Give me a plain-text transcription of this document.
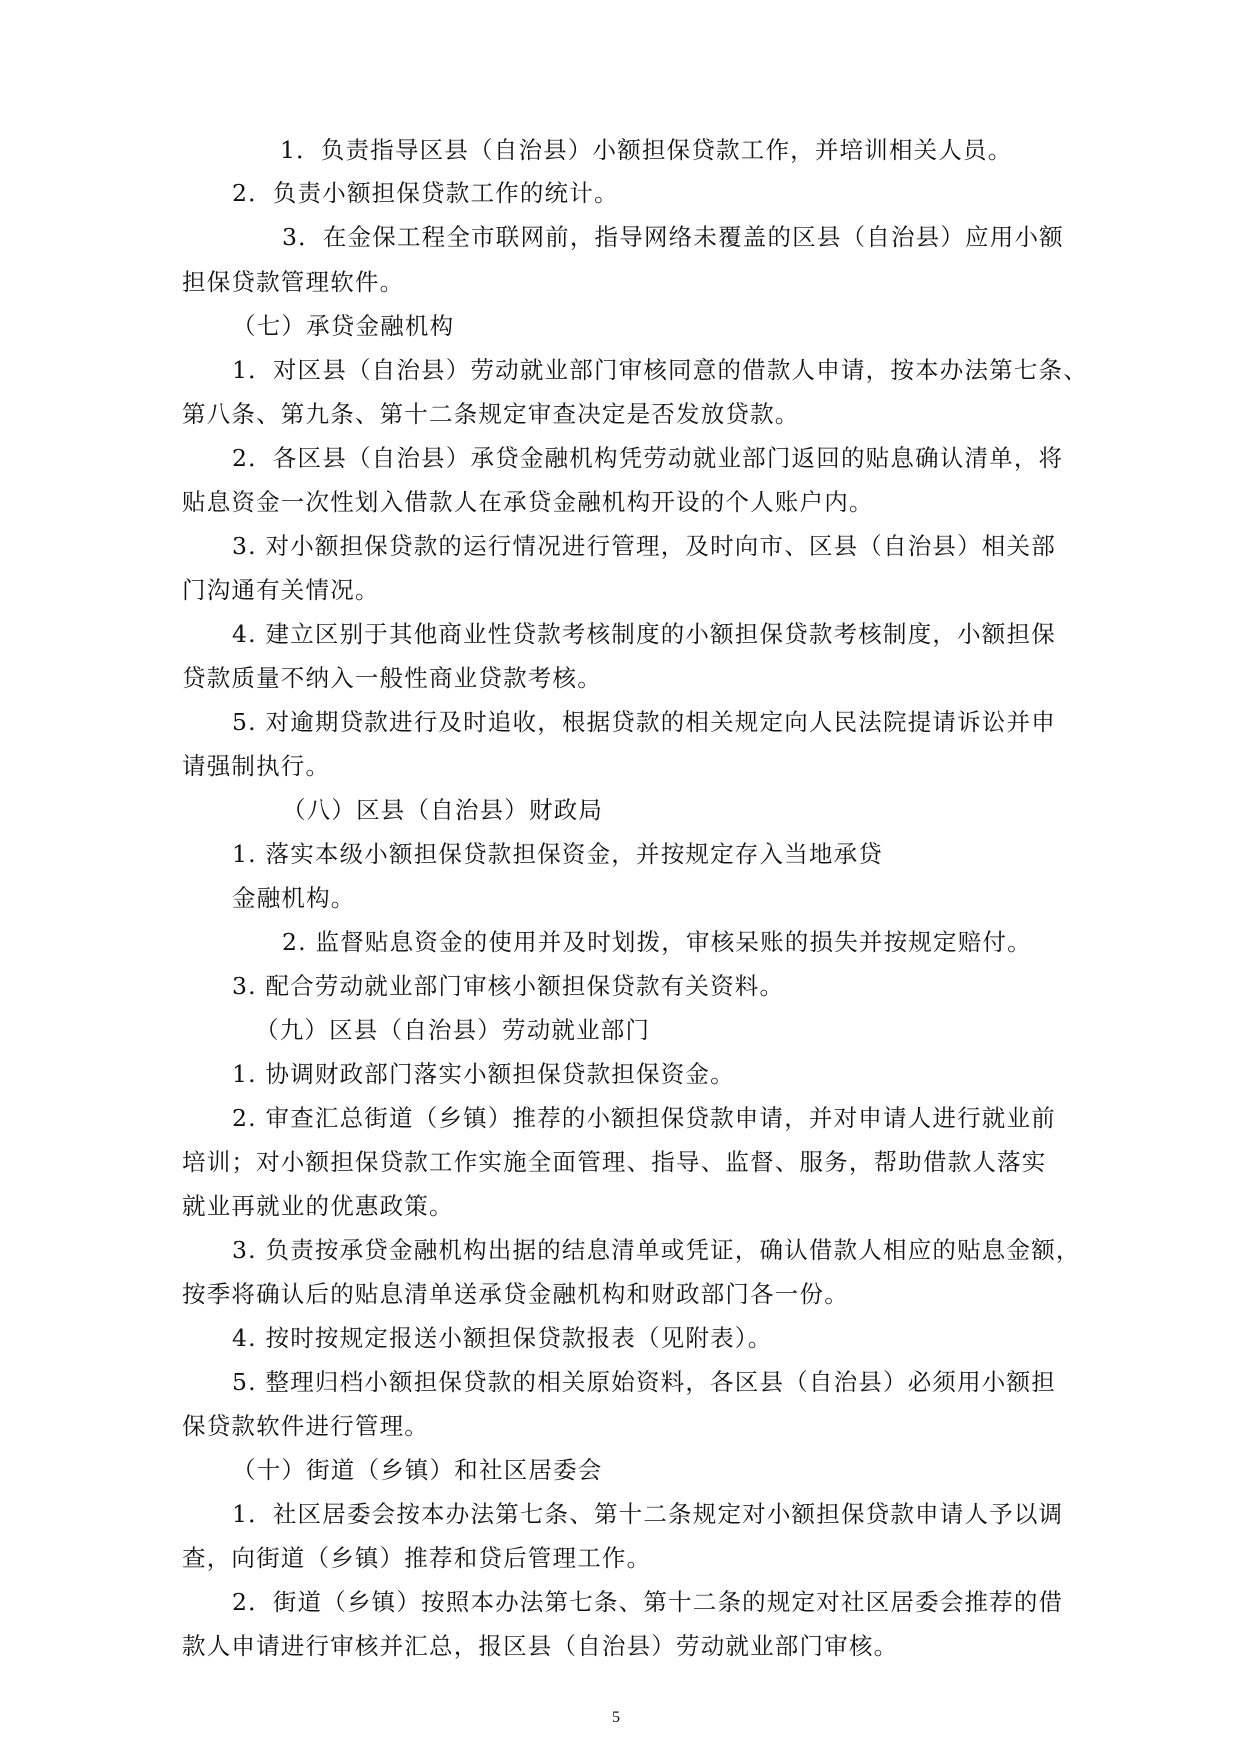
1．负责指导区县（自治县）小额担保贷款工作，并培训相关人员。
2．负责小额担保贷款工作的统计。
3．在金保工程全市联网前，指导网络未覆盖的区县（自治县）应用小额
担保贷款管理软件。
（七）承贷金融机构
1．对区县（自治县）劳动就业部门审核同意的借款人申请，按本办法第七条、
第八条、第九条、第十二条规定审查决定是否发放贷款。
2．各区县（自治县）承贷金融机构凭劳动就业部门返回的贴息确认清单，将
贴息资金一次性划入借款人在承贷金融机构开设的个人账户内。
3. 对小额担保贷款的运行情况进行管理，及时向市、区县（自治县）相关部
门沟通有关情况。
4. 建立区别于其他商业性贷款考核制度的小额担保贷款考核制度，小额担保
贷款质量不纳入一般性商业贷款考核。
5. 对逾期贷款进行及时追收，根据贷款的相关规定向人民法院提请诉讼并申
请强制执行。
（八）区县（自治县）财政局
1. 落实本级小额担保贷款担保资金，并按规定存入当地承贷
金融机构。
2. 监督贴息资金的使用并及时划拨，审核呆账的损失并按规定赔付。
3. 配合劳动就业部门审核小额担保贷款有关资料。
（九）区县（自治县）劳动就业部门
1. 协调财政部门落实小额担保贷款担保资金。
2. 审查汇总街道（乡镇）推荐的小额担保贷款申请，并对申请人进行就业前
培训；对小额担保贷款工作实施全面管理、指导、监督、服务，帮助借款人落实
就业再就业的优惠政策。
3. 负责按承贷金融机构出据的结息清单或凭证，确认借款人相应的贴息金额，
按季将确认后的贴息清单送承贷金融机构和财政部门各一份。
4. 按时按规定报送小额担保贷款报表（见附表）。
5. 整理归档小额担保贷款的相关原始资料，各区县（自治县）必须用小额担
保贷款软件进行管理。
（十）街道（乡镇）和社区居委会
1．社区居委会按本办法第七条、第十二条规定对小额担保贷款申请人予以调
查，向街道（乡镇）推荐和贷后管理工作。
2．街道（乡镇）按照本办法第七条、第十二条的规定对社区居委会推荐的借
款人申请进行审核并汇总，报区县（自治县）劳动就业部门审核。
5
